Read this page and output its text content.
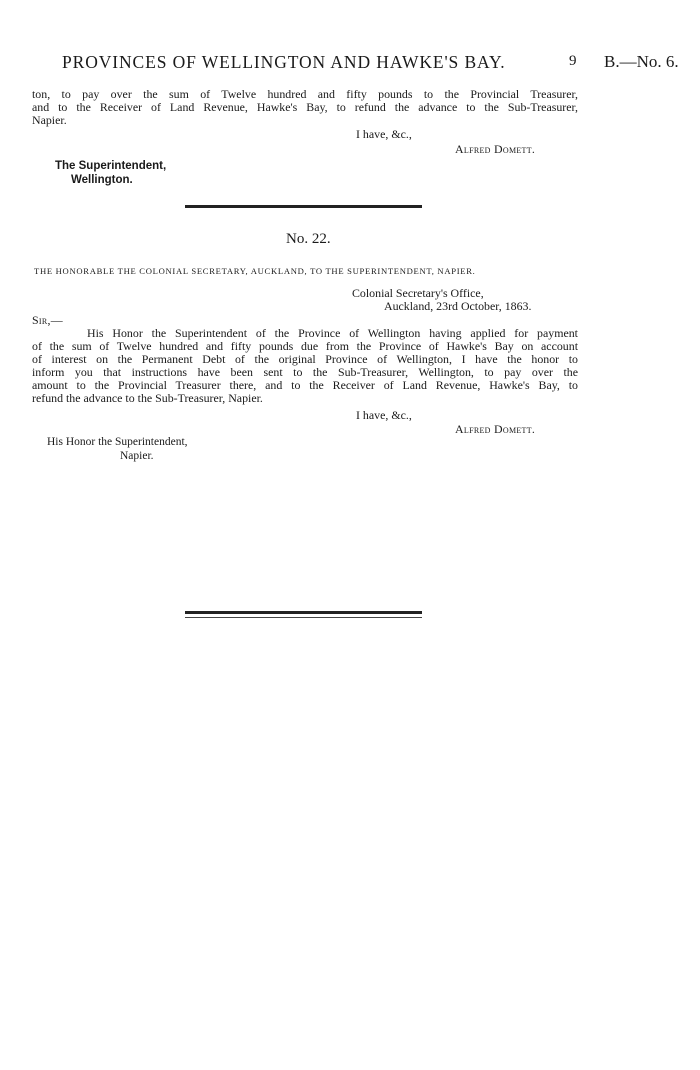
PROVINCES OF WELLINGTON AND HAWKE'S BAY.	9 B.—No. 6.
ton, to pay over the sum of Twelve hundred and fifty pounds to the Provincial Treasurer,
and to the Receiver of Land Revenue, Hawke's Bay, to refund the advance to the Sub-Treasurer,
Napier.
I have, &c.,
Alfred Domett.
The Superintendent,
Wellington.
No. 22.
THE HONORABLE THE COLONIAL SECRETARY, AUCKLAND, TO THE SUPERINTENDENT, NAPIER.
Colonial Secretary's Office,
Auckland, 23rd October, 1863.
Sir,—
His Honor the Superintendent of the Province of Wellington having applied for payment
of the sum of Twelve hundred and fifty pounds due from the Province of Hawke's Bay on account
of interest on the Permanent Debt of the original Province of Wellington, I have the honor to
inform you that instructions have been sent to the Sub-Treasurer, Wellington, to pay over the
amount to the Provincial Treasurer there, and to the Receiver of Land Revenue, Hawke's Bay, to
refund the advance to the Sub-Treasurer, Napier.
I have, &c.,
Alfred Domett.
His Honor the Superintendent,
Napier.
